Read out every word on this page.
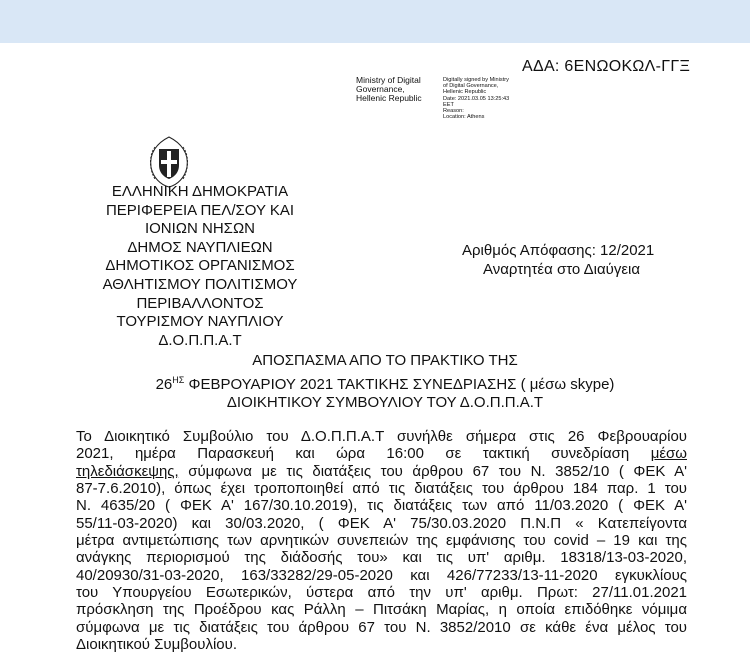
ΑΔΑ: 6ΕΝΩΟΚΩΛ-ΓΓΞ
Ministry of Digital
Governance,
Hellenic Republic
Digitally signed by Ministry
of Digital Governance,
Hellenic Republic
Date: 2021.03.05 13:25:43
EET
Reason:
Location: Athens
ΕΛΛΗΝΙΚΗ ΔΗΜΟΚΡΑΤΙΑ
ΠΕΡΙΦΕΡΕΙΑ ΠΕΛ/ΣΟΥ ΚΑΙ
ΙΟΝΙΩΝ ΝΗΣΩΝ
ΔΗΜΟΣ ΝΑΥΠΛΙΕΩΝ
ΔΗΜΟΤΙΚΟΣ ΟΡΓΑΝΙΣΜΟΣ
ΑΘΛΗΤΙΣΜΟΥ ΠΟΛΙΤΙΣΜΟΥ
ΠΕΡΙΒΑΛΛΟΝΤΟΣ
ΤΟΥΡΙΣΜΟΥ ΝΑΥΠΛΙΟΥ
Δ.Ο.Π.Π.Α.Τ
Αριθμός Απόφασης: 12/2021
Αναρτητέα στο Διαύγεια
ΑΠΟΣΠΑΣΜΑ ΑΠΟ ΤΟ ΠΡΑΚΤΙΚΟ ΤΗΣ
$26^{H\Sigma}$ ΦΕΒΡΟΥΑΡΙΟΥ 2021 ΤΑΚΤΙΚΗΣ ΣΥΝΕΔΡΙΑΣΗΣ ( μέσω skype)
ΔΙΟΙΚΗΤΙΚΟΥ ΣΥΜΒΟΥΛΙΟΥ ΤΟΥ Δ.Ο.Π.Π.Α.Τ
Το Διοικητικό Συμβούλιο του Δ.Ο.Π.Π.Α.Τ συνήλθε σήμερα στις 26 Φεβρουαρίου
2021, ημέρα Παρασκευή και ώρα 16:00 σε τακτική συνεδρίαση μέσω
τηλεδιάσκεψης, σύμφωνα με τις διατάξεις του άρθρου 67 του Ν. 3852/10 ( ΦΕΚ Α'
87-7.6.2010), όπως έχει τροποποιηθεί από τις διατάξεις του άρθρου 184 παρ. 1 του
Ν. 4635/20 ( ΦΕΚ Α' 167/30.10.2019), τις διατάξεις των από 11/03.2020 ( ΦΕΚ Α'
55/11-03-2020) και 30/03.2020, ( ΦΕΚ Α' 75/30.03.2020 Π.Ν.Π « Κατεπείγοντα
μέτρα αντιμετώπισης των αρνητικών συνεπειών της εμφάνισης του covid – 19 και της
ανάγκης περιορισμού της διάδοσής του» και τις υπ' αριθμ. 18318/13-03-2020,
40/20930/31-03-2020, 163/33282/29-05-2020 και 426/77233/13-11-2020 εγκυκλίους
του Υπουργείου Εσωτερικών, ύστερα από την υπ' αριθμ. Πρωτ: 27/11.01.2021
πρόσκληση της Προέδρου κας Ράλλη – Πιτσάκη Μαρίας, η οποία επιδόθηκε νόμιμα
σύμφωνα με τις διατάξεις του άρθρου 67 του Ν. 3852/2010 σε κάθε ένα μέλος του
Διοικητικού Συμβουλίου.
